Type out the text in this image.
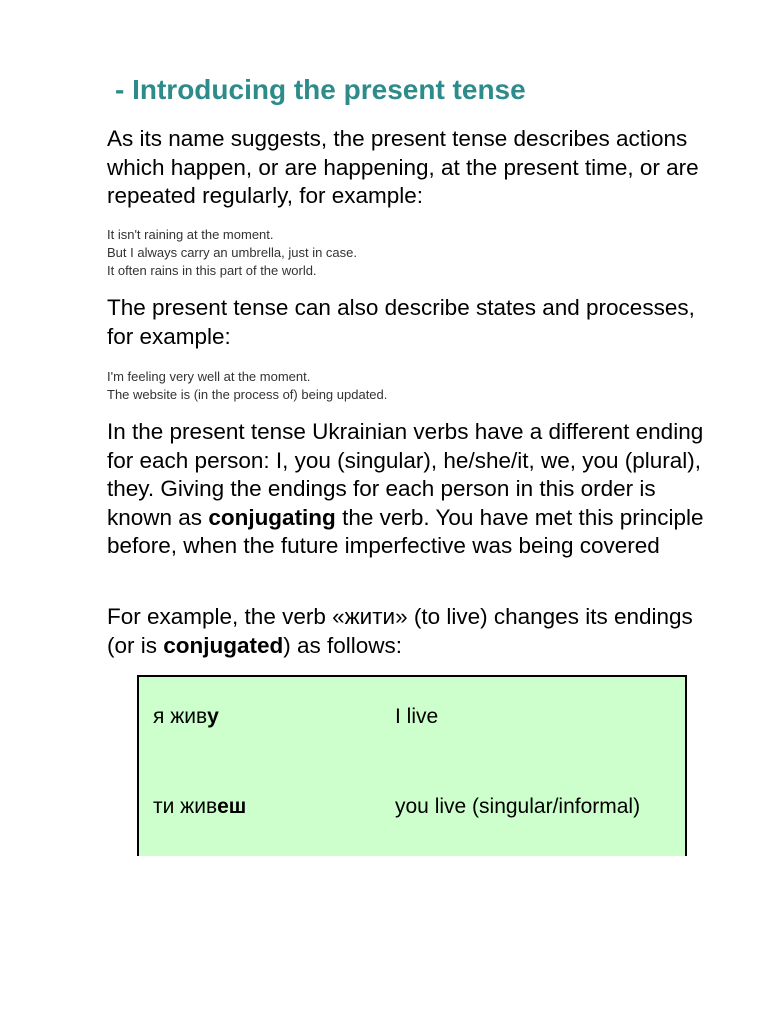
- Introducing the present tense

As its name suggests, the present tense describes actions which happen, or are happening, at the present time, or are repeated regularly, for example:

It isn't raining at the moment.
But I always carry an umbrella, just in case.
It often rains in this part of the world.

The present tense can also describe states and processes, for example:

I'm feeling very well at the moment.
The website is (in the process of) being updated.

In the present tense Ukrainian verbs have a different ending for each person: I, you (singular), he/she/it, we, you (plural), they. Giving the endings for each person in this order is known as conjugating the verb. You have met this principle before, when the future imperfective was being covered

For example, the verb «жити» (to live) changes its endings (or is conjugated) as follows:

я живу	I live
ти живеш	you live (singular/informal)
